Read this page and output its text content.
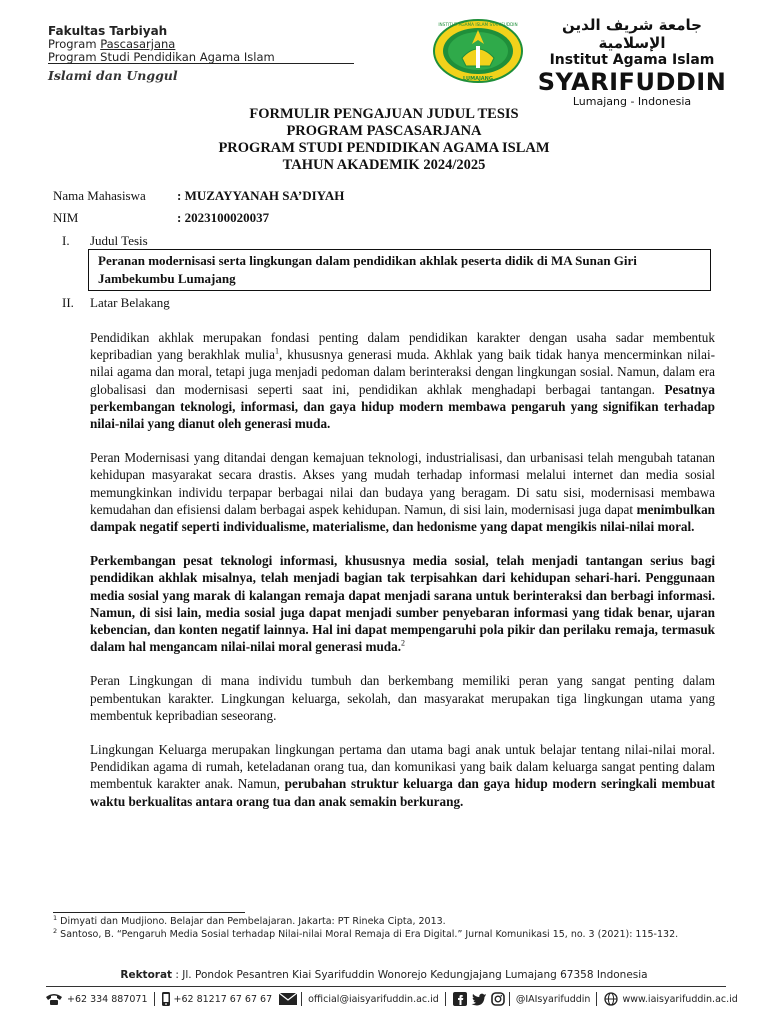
Fakultas Tarbiyah
Program Pascasarjana
Program Studi Pendidikan Agama Islam
Islami dan Unggul
INSTITUT AGAMA ISLAM SYARIFUDDIN
LUMAJANG
جامعة شريف الدين الإسلامية
Institut Agama Islam
SYARIFUDDIN
Lumajang - Indonesia
FORMULIR PENGAJUAN JUDUL TESIS
PROGRAM PASCASARJANA
PROGRAM STUDI PENDIDIKAN AGAMA ISLAM
TAHUN AKADEMIK 2024/2025
Nama Mahasiswa : MUZAYYANAH SA’DIYAH
NIM	: 2023100020037
I. Judul Tesis
Peranan modernisasi serta lingkungan dalam pendidikan akhlak peserta didik di MA Sunan Giri Jambekumbu Lumajang
II. Latar Belakang

Pendidikan akhlak merupakan fondasi penting dalam pendidikan karakter dengan usaha sadar membentuk kepribadian yang berakhlak mulia$^1$, khususnya generasi muda. Akhlak yang baik tidak hanya mencerminkan nilai-nilai agama dan moral, tetapi juga menjadi pedoman dalam berinteraksi dengan lingkungan sosial. Namun, dalam era globalisasi dan modernisasi seperti saat ini, pendidikan akhlak menghadapi berbagai tantangan. Pesatnya perkembangan teknologi, informasi, dan gaya hidup modern membawa pengaruh yang signifikan terhadap nilai-nilai yang dianut oleh generasi muda.

Peran Modernisasi yang ditandai dengan kemajuan teknologi, industrialisasi, dan urbanisasi telah mengubah tatanan kehidupan masyarakat secara drastis. Akses yang mudah terhadap informasi melalui internet dan media sosial memungkinkan individu terpapar berbagai nilai dan budaya yang beragam. Di satu sisi, modernisasi membawa kemudahan dan efisiensi dalam berbagai aspek kehidupan. Namun, di sisi lain, modernisasi juga dapat menimbulkan dampak negatif seperti individualisme, materialisme, dan hedonisme yang dapat mengikis nilai-nilai moral.

Perkembangan pesat teknologi informasi, khususnya media sosial, telah menjadi tantangan serius bagi pendidikan akhlak misalnya, telah menjadi bagian tak terpisahkan dari kehidupan sehari-hari. Penggunaan media sosial yang marak di kalangan remaja dapat menjadi sarana untuk berinteraksi dan berbagi informasi. Namun, di sisi lain, media sosial juga dapat menjadi sumber penyebaran informasi yang tidak benar, ujaran kebencian, dan konten negatif lainnya. Hal ini dapat mempengaruhi pola pikir dan perilaku remaja, termasuk dalam hal mengancam nilai-nilai moral generasi muda.$^2$

Peran Lingkungan di mana individu tumbuh dan berkembang memiliki peran yang sangat penting dalam pembentukan karakter. Lingkungan keluarga, sekolah, dan masyarakat merupakan tiga lingkungan utama yang membentuk kepribadian seseorang.

Lingkungan Keluarga merupakan lingkungan pertama dan utama bagi anak untuk belajar tentang nilai-nilai moral. Pendidikan agama di rumah, keteladanan orang tua, dan komunikasi yang baik dalam keluarga sangat penting dalam membentuk karakter anak. Namun, perubahan struktur keluarga dan gaya hidup modern seringkali membuat waktu berkualitas antara orang tua dan anak semakin berkurang.

$^1$ Dimyati dan Mudjiono. Belajar dan Pembelajaran. Jakarta: PT Rineka Cipta, 2013.
$^2$ Santoso, B. “Pengaruh Media Sosial terhadap Nilai-nilai Moral Remaja di Era Digital.” Jurnal Komunikasi 15, no. 3 (2021): 115-132.
Rektorat : Jl. Pondok Pesantren Kiai Syarifuddin Wonorejo Kedungjajang Lumajang 67358 Indonesia
+62 334 887071	+62 81217 67 67 67	official@iaisyarifuddin.ac.id	@IAIsyarifuddin	www.iaisyarifuddin.ac.id
